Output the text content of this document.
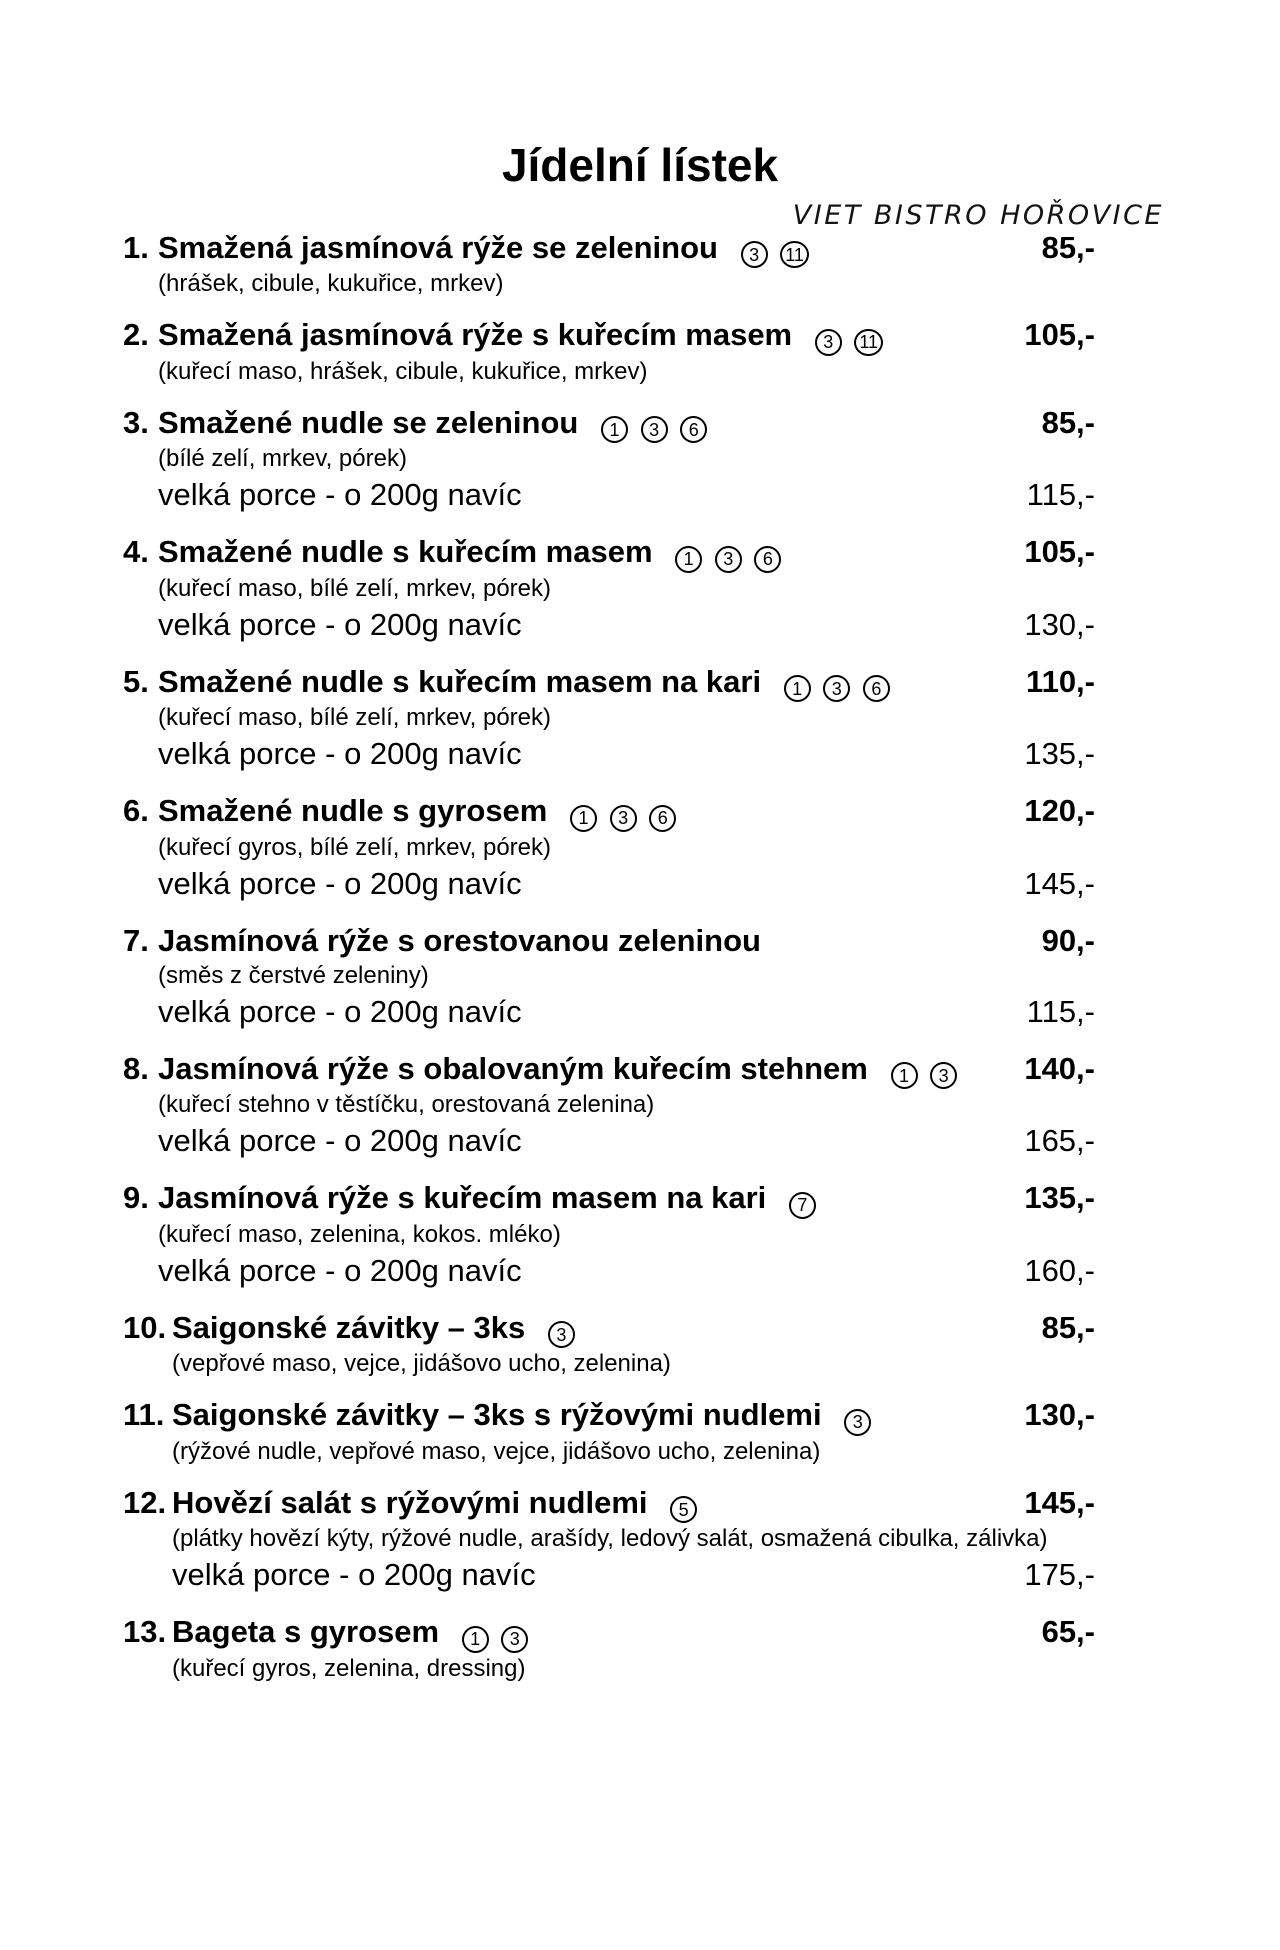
VIET BISTRO HOŘOVICE
Jídelní lístek
1. Smažená jasmínová rýže se zeleninou 3 11	85,-
(hrášek, cibule, kukuřice, mrkev)
2. Smažená jasmínová rýže s kuřecím masem 3 11	105,-
(kuřecí maso, hrášek, cibule, kukuřice, mrkev)
3. Smažené nudle se zeleninou 1 3 6	85,-
(bílé zelí, mrkev, pórek)
velká porce - o 200g navíc	115,-
4. Smažené nudle s kuřecím masem 1 3 6	105,-
(kuřecí maso, bílé zelí, mrkev, pórek)
velká porce - o 200g navíc	130,-
5. Smažené nudle s kuřecím masem na kari 1 3 6	110,-
(kuřecí maso, bílé zelí, mrkev, pórek)
velká porce - o 200g navíc	135,-
6. Smažené nudle s gyrosem 1 3 6	120,-
(kuřecí gyros, bílé zelí, mrkev, pórek)
velká porce - o 200g navíc	145,-
7. Jasmínová rýže s orestovanou zeleninou	90,-
(směs z čerstvé zeleniny)
velká porce - o 200g navíc	115,-
8. Jasmínová rýže s obalovaným kuřecím stehnem 1 3	140,-
(kuřecí stehno v těstíčku, orestovaná zelenina)
velká porce - o 200g navíc	165,-
9. Jasmínová rýže s kuřecím masem na kari 7	135,-
(kuřecí maso, zelenina, kokos. mléko)
velká porce - o 200g navíc	160,-
10. Saigonské závitky – 3ks 3	85,-
(vepřové maso, vejce, jidášovo ucho, zelenina)
11. Saigonské závitky – 3ks s rýžovými nudlemi 3	130,-
(rýžové nudle, vepřové maso, vejce, jidášovo ucho, zelenina)
12. Hovězí salát s rýžovými nudlemi 5	145,-
(plátky hovězí kýty, rýžové nudle, arašídy, ledový salát, osmažená cibulka, zálivka)
velká porce - o 200g navíc	175,-
13. Bageta s gyrosem 1 3	65,-
(kuřecí gyros, zelenina, dressing)
